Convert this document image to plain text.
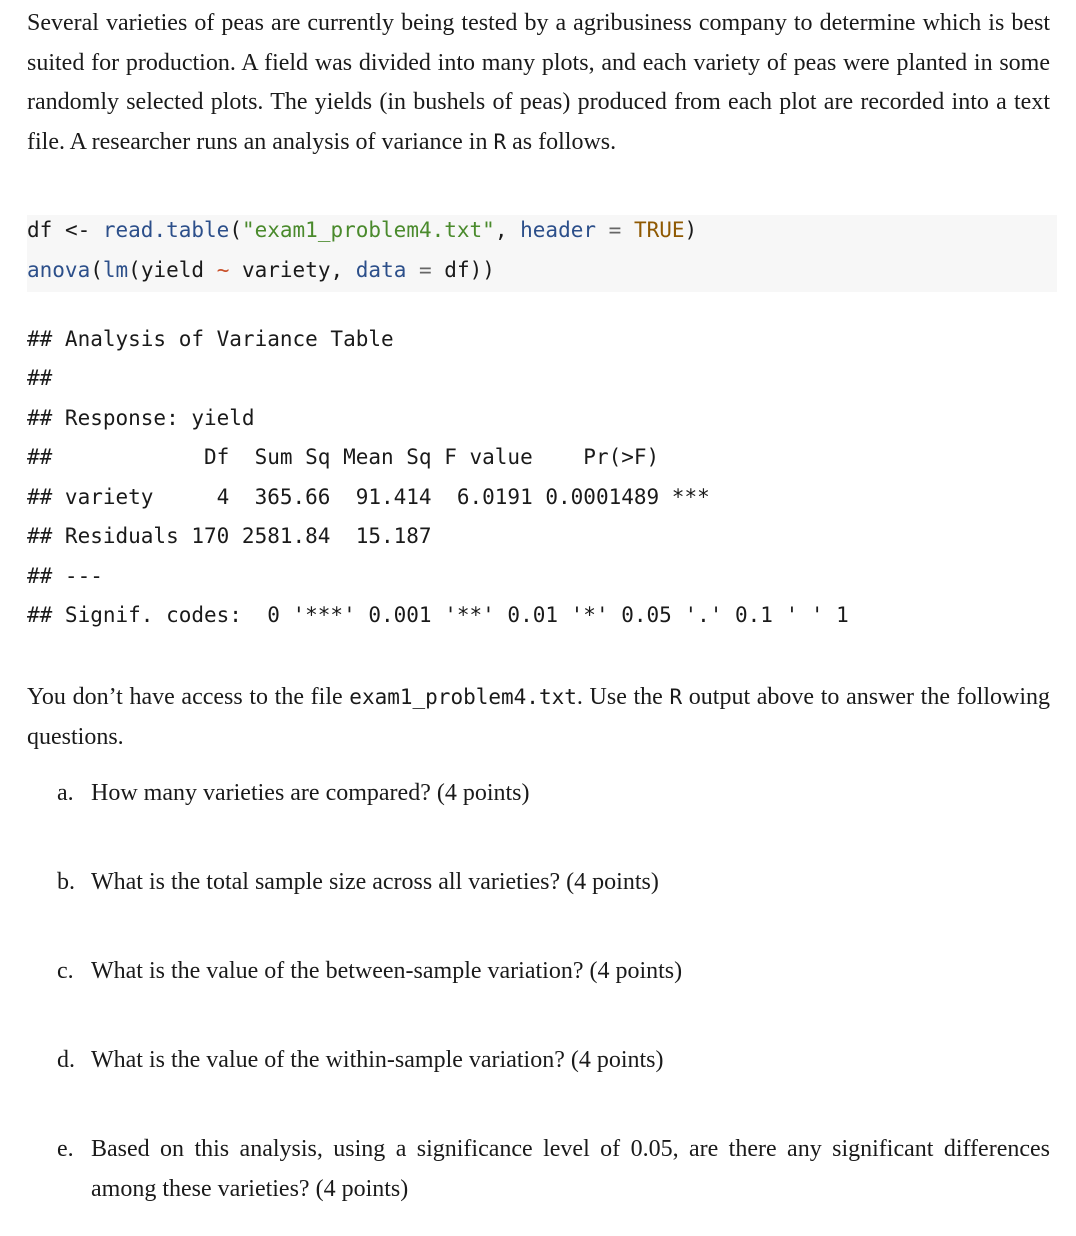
Several varieties of peas are currently being tested by a agribusiness company to determine which is best suited for production. A field was divided into many plots, and each variety of peas were planted in some randomly selected plots. The yields (in bushels of peas) produced from each plot are recorded into a text file. A researcher runs an analysis of variance in R as follows.

df <- read.table("exam1_problem4.txt", header = TRUE)
anova(lm(yield ~ variety, data = df))
## Analysis of Variance Table
##
## Response: yield
##            Df  Sum Sq Mean Sq F value    Pr(>F)
## variety     4  365.66  91.414  6.0191 0.0001489 ***
## Residuals 170 2581.84  15.187
## ---
## Signif. codes:  0 '***' 0.001 '**' 0.01 '*' 0.05 '.' 0.1 ' ' 1

You don’t have access to the file exam1_problem4.txt. Use the R output above to answer the following questions.

a. How many varieties are compared? (4 points)
b. What is the total sample size across all varieties? (4 points)
c. What is the value of the between-sample variation? (4 points)
d. What is the value of the within-sample variation? (4 points)
e. Based on this analysis, using a significance level of 0.05, are there any significant differences among these varieties? (4 points)
